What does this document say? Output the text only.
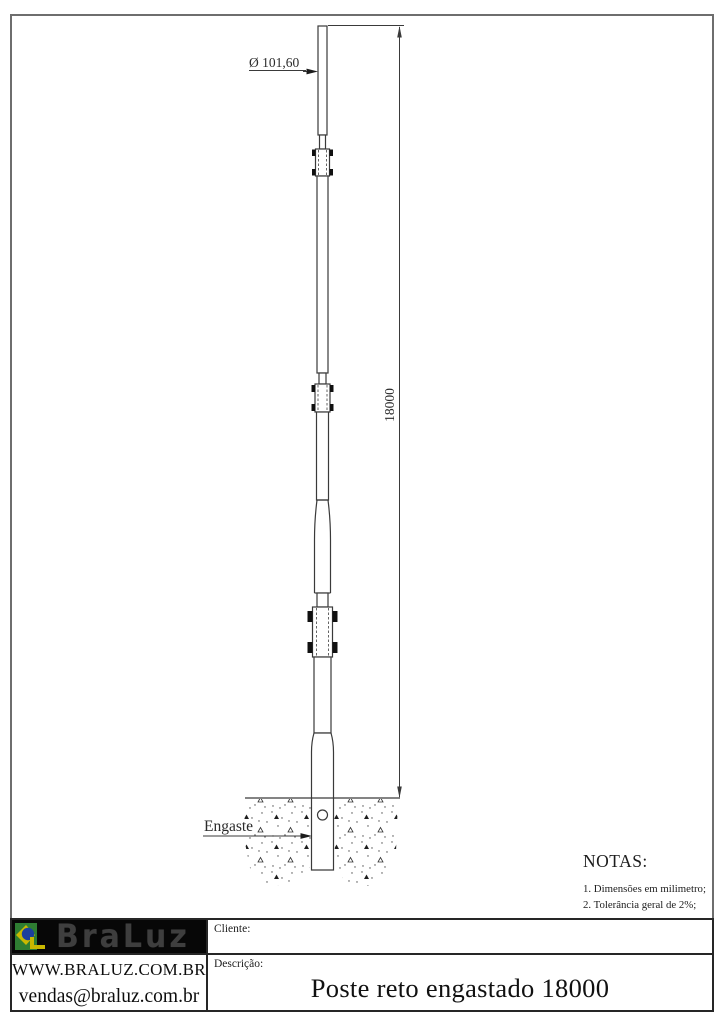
18000
Ø 101,60
Engaste
NOTAS:
1. Dimensões em milimetro;
2. Tolerância geral de 2%;
BraLuz	Cliente:
WWW.BRALUZ.COM.BR
vendas@braluz.com.br
Descrição:
Poste reto engastado 18000
